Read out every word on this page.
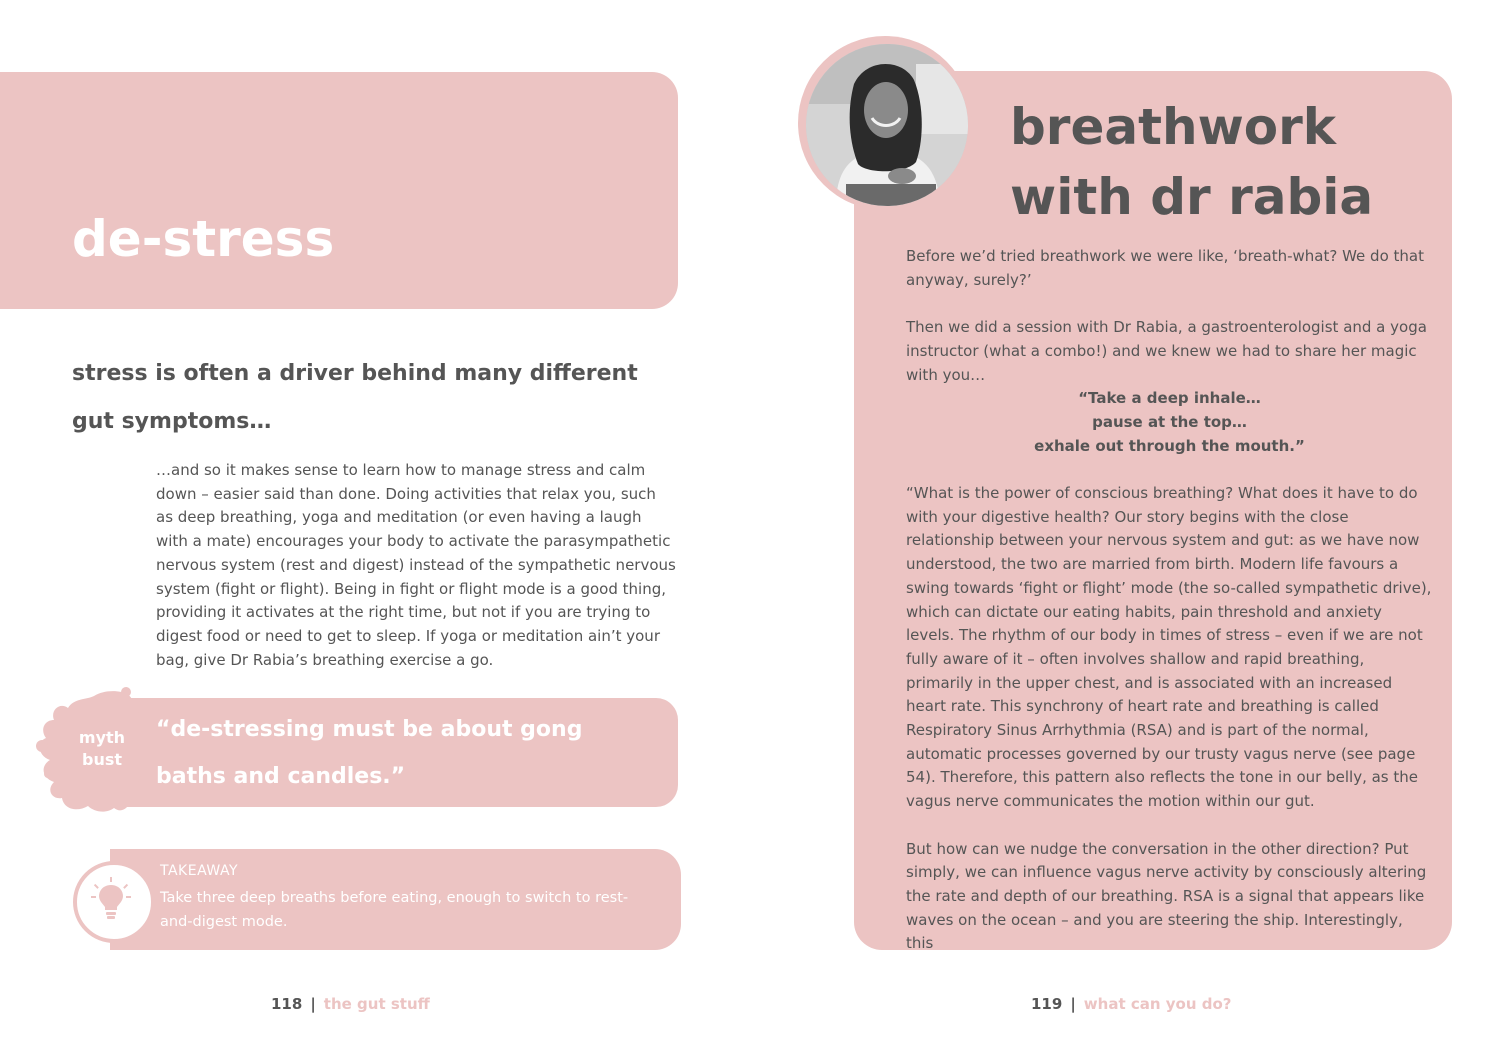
de-stress
stress is often a driver behind many different gut symptoms…
…and so it makes sense to learn how to manage stress and calm down – easier said than done. Doing activities that relax you, such as deep breathing, yoga and meditation (or even having a laugh with a mate) encourages your body to activate the parasympathetic nervous system (rest and digest) instead of the sympathetic nervous system (fight or flight). Being in fight or flight mode is a good thing, providing it activates at the right time, but not if you are trying to digest food or need to get to sleep. If yoga or meditation ain’t your bag, give Dr Rabia’s breathing exercise a go.
myth
bust
“de-stressing must be about gong baths and candles.”
TAKEAWAY
Take three deep breaths before eating, enough to switch to rest-and-digest mode.
118 | the gut stuff
breathwork
with dr rabia

Before we’d tried breathwork we were like, ‘breath-what? We do that anyway, surely?’

Then we did a session with Dr Rabia, a gastroenterologist and a yoga instructor (what a combo!) and we knew we had to share her magic with you…

“Take a deep inhale…
pause at the top…
exhale out through the mouth.”

“What is the power of conscious breathing? What does it have to do with your digestive health? Our story begins with the close relationship between your nervous system and gut: as we have now understood, the two are married from birth. Modern life favours a swing towards ‘fight or flight’ mode (the so-called sympathetic drive), which can dictate our eating habits, pain threshold and anxiety levels. The rhythm of our body in times of stress – even if we are not fully aware of it – often involves shallow and rapid breathing, primarily in the upper chest, and is associated with an increased heart rate. This synchrony of heart rate and breathing is called Respiratory Sinus Arrhythmia (RSA) and is part of the normal, automatic processes governed by our trusty vagus nerve (see page 54). Therefore, this pattern also reflects the tone in our belly, as the vagus nerve communicates the motion within our gut.

But how can we nudge the conversation in the other direction? Put simply, we can influence vagus nerve activity by consciously altering the rate and depth of our breathing. RSA is a signal that appears like waves on the ocean – and you are steering the ship. Interestingly, this

119 | what can you do?
